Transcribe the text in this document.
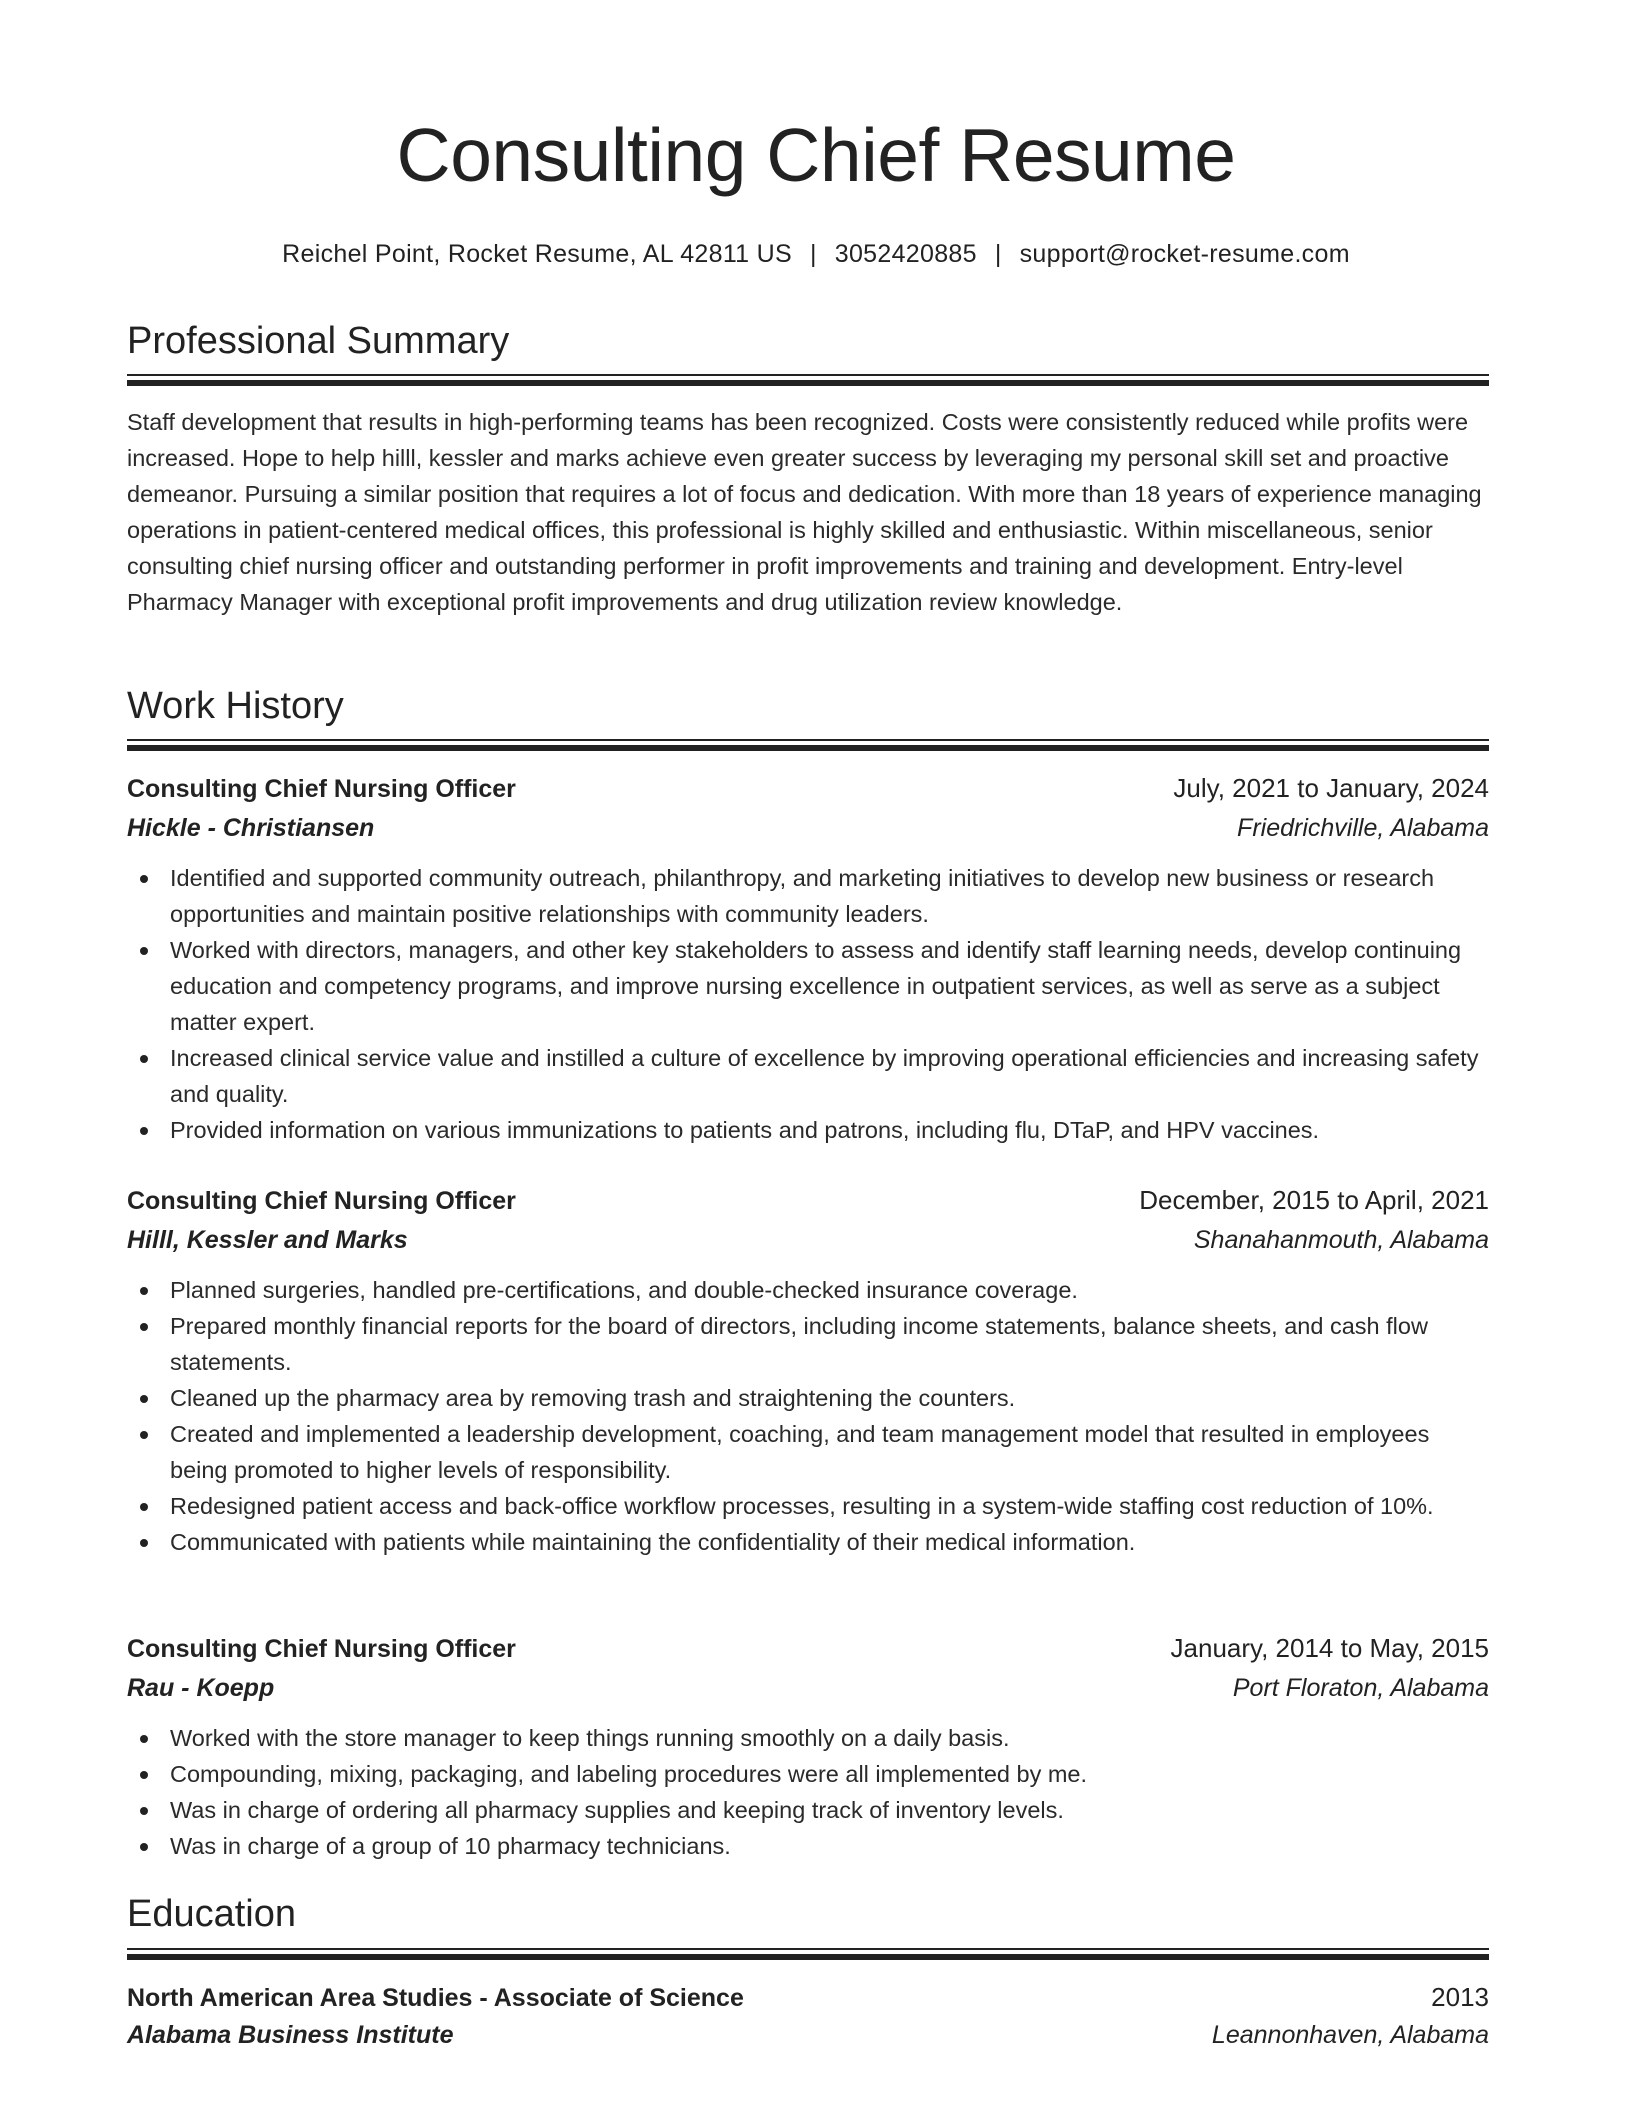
Consulting Chief Resume
Reichel Point, Rocket Resume, AL 42811 US | 3052420885 | support@rocket-resume.com
Professional Summary

Staff development that results in high-performing teams has been recognized. Costs were consistently reduced while profits were increased. Hope to help hilll, kessler and marks achieve even greater success by leveraging my personal skill set and proactive demeanor. Pursuing a similar position that requires a lot of focus and dedication. With more than 18 years of experience managing operations in patient-centered medical offices, this professional is highly skilled and enthusiastic. Within miscellaneous, senior consulting chief nursing officer and outstanding performer in profit improvements and training and development. Entry-level Pharmacy Manager with exceptional profit improvements and drug utilization review knowledge.

Work History
Consulting Chief Nursing Officer	July, 2021 to January, 2024
Hickle - Christiansen	Friedrichville, Alabama
Identified and supported community outreach, philanthropy, and marketing initiatives to develop new business or research opportunities and maintain positive relationships with community leaders.
Worked with directors, managers, and other key stakeholders to assess and identify staff learning needs, develop continuing education and competency programs, and improve nursing excellence in outpatient services, as well as serve as a subject matter expert.
Increased clinical service value and instilled a culture of excellence by improving operational efficiencies and increasing safety and quality.
Provided information on various immunizations to patients and patrons, including flu, DTaP, and HPV vaccines.
Consulting Chief Nursing Officer	December, 2015 to April, 2021
Hilll, Kessler and Marks	Shanahanmouth, Alabama
Planned surgeries, handled pre-certifications, and double-checked insurance coverage.
Prepared monthly financial reports for the board of directors, including income statements, balance sheets, and cash flow statements.
Cleaned up the pharmacy area by removing trash and straightening the counters.
Created and implemented a leadership development, coaching, and team management model that resulted in employees being promoted to higher levels of responsibility.
Redesigned patient access and back-office workflow processes, resulting in a system-wide staffing cost reduction of 10%.
Communicated with patients while maintaining the confidentiality of their medical information.
Consulting Chief Nursing Officer	January, 2014 to May, 2015
Rau - Koepp	Port Floraton, Alabama
Worked with the store manager to keep things running smoothly on a daily basis.
Compounding, mixing, packaging, and labeling procedures were all implemented by me.
Was in charge of ordering all pharmacy supplies and keeping track of inventory levels.
Was in charge of a group of 10 pharmacy technicians.
Education
North American Area Studies - Associate of Science	2013
Alabama Business Institute	Leannonhaven, Alabama
